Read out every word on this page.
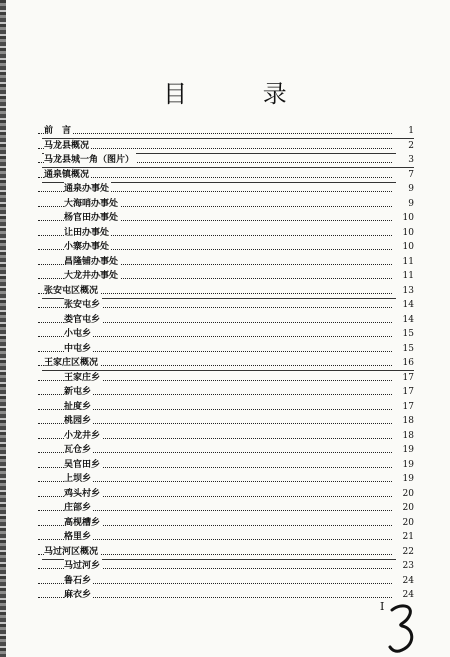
目 录
前　言	1
马龙县概况	2
马龙县城一角（图片）	3
通泉镇概况	7
通泉办事处	9
大海哨办事处	9
杨官田办事处	10
让田办事处	10
小寨办事处	10
昌隆铺办事处	11
大龙井办事处	11
张安屯区概况	13
张安屯乡	14
娄官屯乡	14
小屯乡	15
中屯乡	15
王家庄区概况	16
王家庄乡	17
新屯乡	17
扯度乡	17
桃园乡	18
小龙井乡	18
瓦仓乡	19
吴官田乡	19
上坝乡	19
鸡头村乡	20
庄部乡	20
高枧槽乡	20
格里乡	21
马过河区概况	22
马过河乡	23
鲁石乡	24
麻衣乡	24
I
